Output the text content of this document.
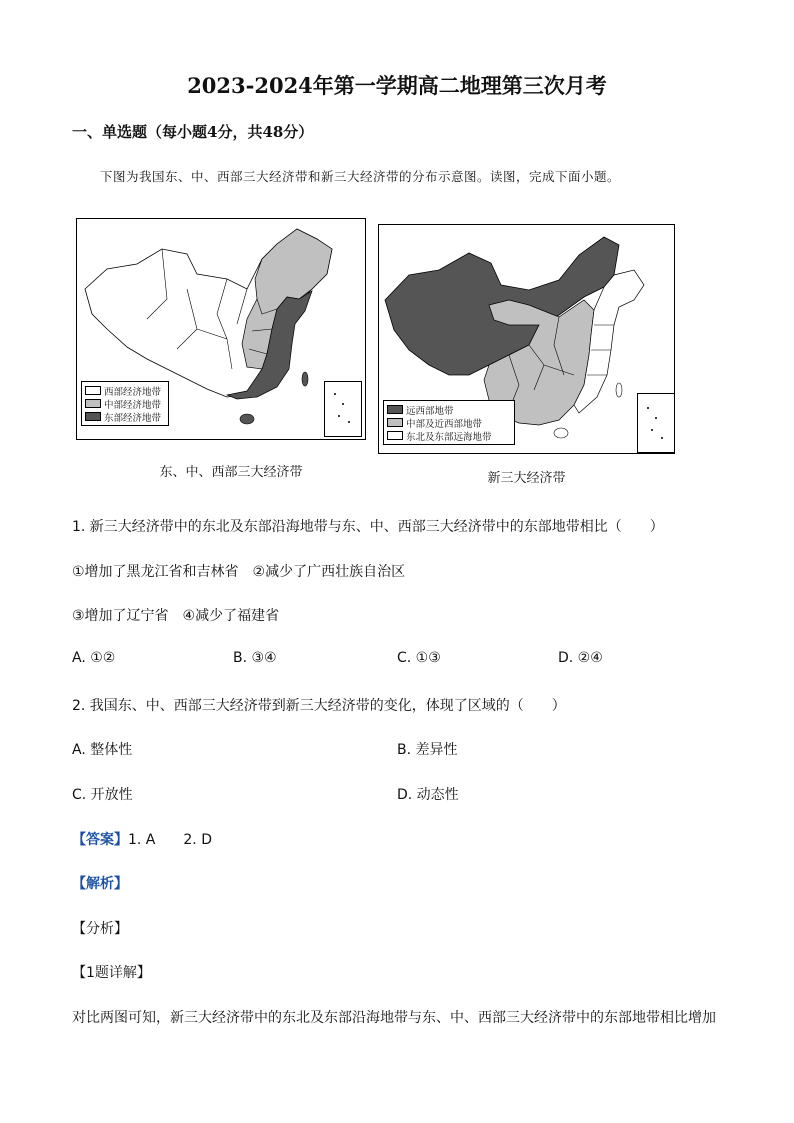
2023-2024年第一学期高二地理第三次月考
一、单选题（每小题4分，共48分）
下图为我国东、中、西部三大经济带和新三大经济带的分布示意图。读图，完成下面小题。
西部经济地带
中部经济地带
东部经济地带
东、中、西部三大经济带
远西部地带
中部及近西部地带
东北及东部远海地带
新三大经济带
1. 新三大经济带中的东北及东部沿海地带与东、中、西部三大经济带中的东部地带相比（　　）
①增加了黑龙江省和吉林省　②减少了广西壮族自治区
③增加了辽宁省　④减少了福建省
A. ①②	B. ③④	C. ①③	D. ②④
2. 我国东、中、西部三大经济带到新三大经济带的变化，体现了区域的（　　）
A. 整体性	B. 差异性
C. 开放性	D. 动态性
【答案】1. A　　2. D
【解析】
【分析】
【1题详解】
对比两图可知，新三大经济带中的东北及东部沿海地带与东、中、西部三大经济带中的东部地带相比增加
